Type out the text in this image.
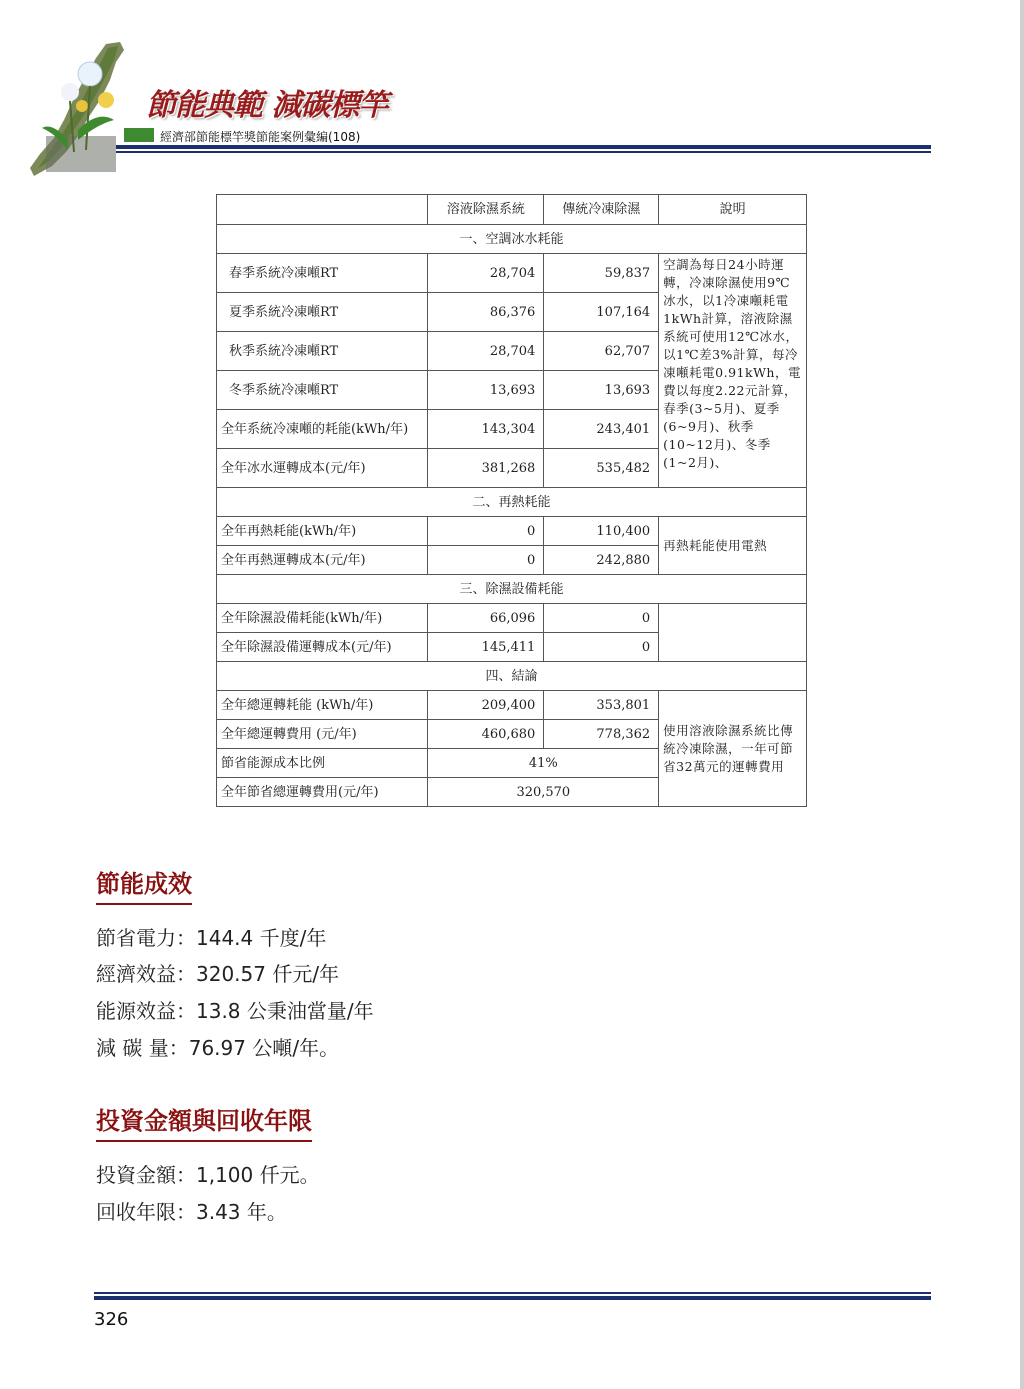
節能典範 減碳標竿
經濟部節能標竿獎節能案例彙編(108)
	溶液除濕系統	傳統冷凍除濕	說明
一、空調冰水耗能			
春季系統冷凍噸RT	28,704	59,837	空調為每日24小時運轉，冷凍除濕使用9℃冰水，以1冷凍噸耗電1kWh計算，溶液除濕系統可使用12℃冰水，以1℃差3%計算，每冷凍噸耗電0.91kWh，電費以每度2.22元計算，春季(3~5月)、夏季(6~9月)、秋季(10~12月)、冬季(1~2月)、
夏季系統冷凍噸RT	86,376	107,164	
秋季系統冷凍噸RT	28,704	62,707	
冬季系統冷凍噸RT	13,693	13,693	
全年系統冷凍噸的耗能(kWh/年)	143,304	243,401	
全年冰水運轉成本(元/年)	381,268	535,482	
二、再熱耗能			
全年再熱耗能(kWh/年)	0	110,400	再熱耗能使用電熱
全年再熱運轉成本(元/年)	0	242,880	
三、除濕設備耗能			
全年除濕設備耗能(kWh/年)	66,096	0	
全年除濕設備運轉成本(元/年)	145,411	0	
四、結論			
全年總運轉耗能 (kWh/年)	209,400	353,801	使用溶液除濕系統比傳統冷凍除濕，一年可節省32萬元的運轉費用
全年總運轉費用 (元/年)	460,680	778,362	
節省能源成本比例	41%		
全年節省總運轉費用(元/年)	320,570		
節能成效
節省電力：144.4 千度/年
經濟效益：320.57 仟元/年
能源效益：13.8 公秉油當量/年
減 碳 量：76.97 公噸/年。
投資金額與回收年限
投資金額：1,100 仟元。
回收年限：3.43 年。
326
